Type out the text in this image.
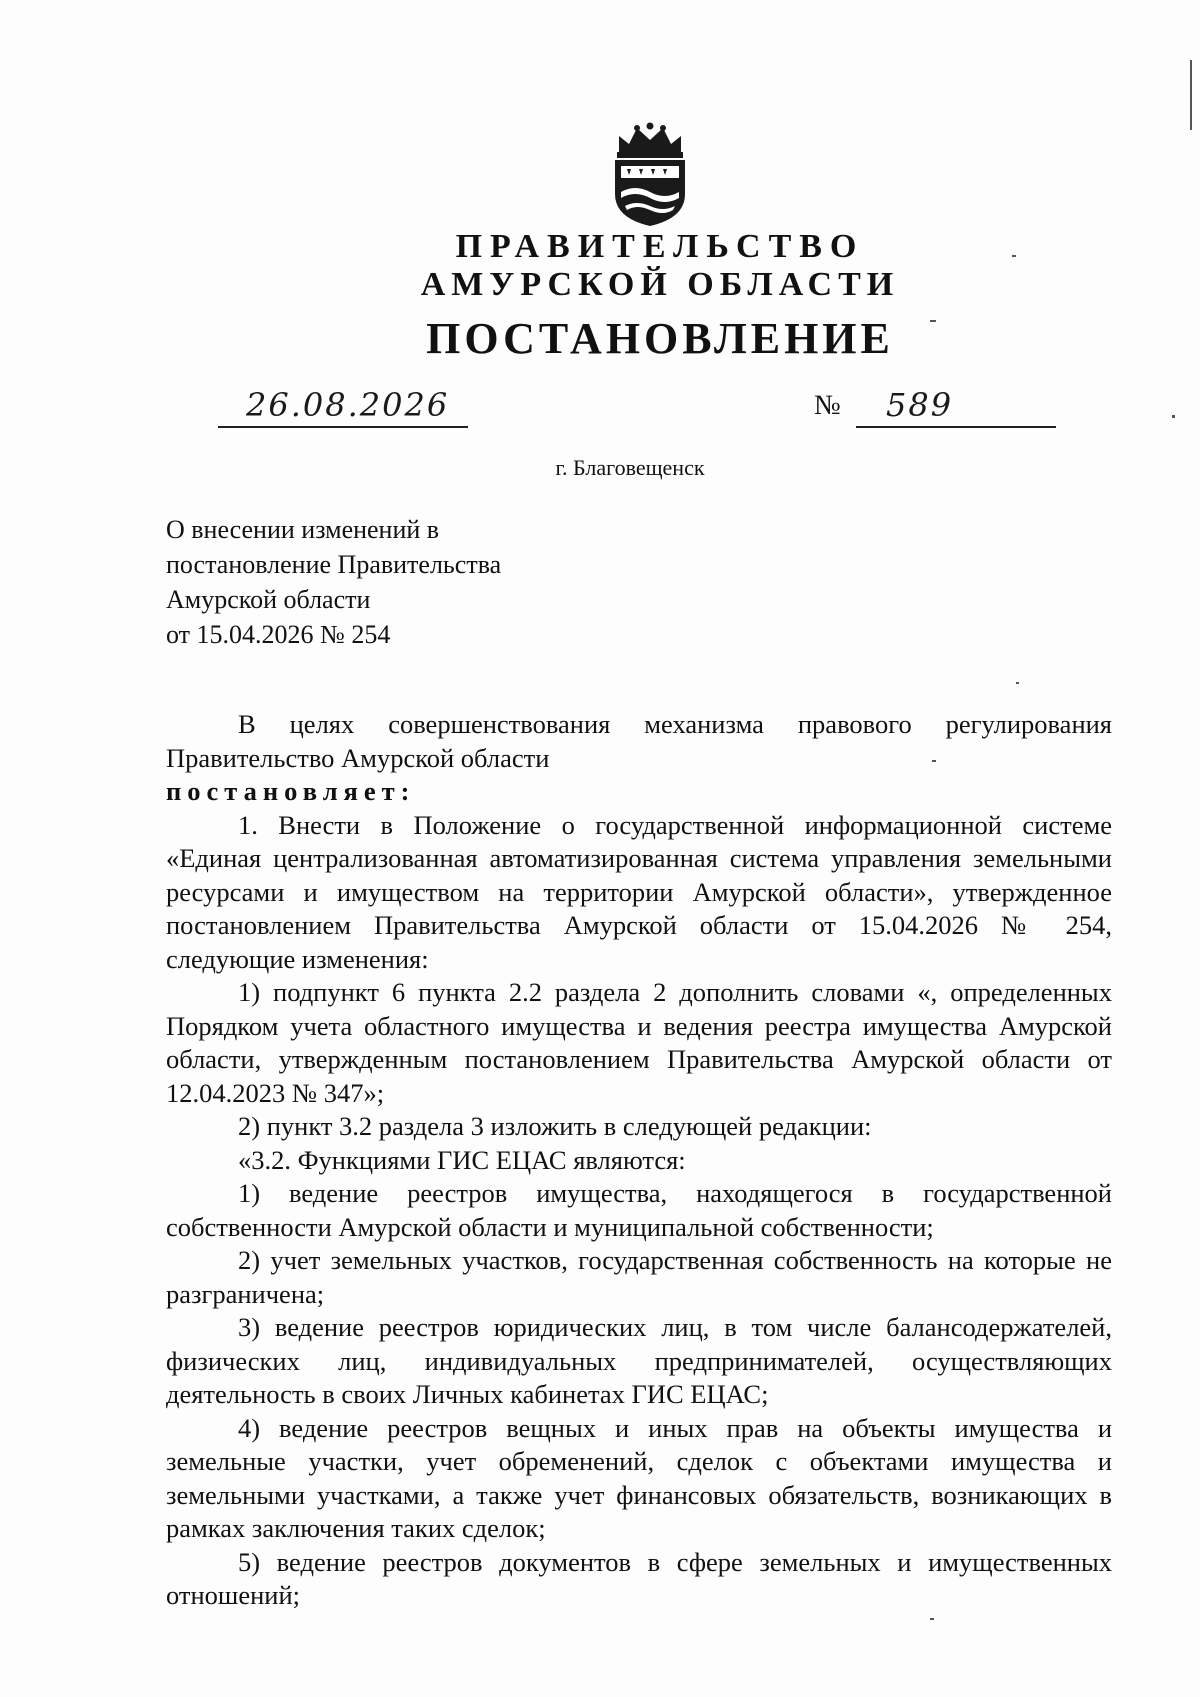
ПРАВИТЕЛЬСТВО
АМУРСКОЙ ОБЛАСТИ
ПОСТАНОВЛЕНИЕ
26.08.2026	№ 589
г. Благовещенск
О внесении изменений в
постановление Правительства
Амурской области
от 15.04.2026 № 254

В целях совершенствования механизма правового регулирования Правительство Амурской области

постановляет:

1. Внести в Положение о государственной информационной системе «Единая централизованная автоматизированная система управления земельными ресурсами и имуществом на территории Амурской области», утвержденное постановлением Правительства Амурской области от 15.04.2026 № 254, следующие изменения:

1) подпункт 6 пункта 2.2 раздела 2 дополнить словами «, определенных Порядком учета областного имущества и ведения реестра имущества Амурской области, утвержденным постановлением Правительства Амурской области от 12.04.2023 № 347»;

2) пункт 3.2 раздела 3 изложить в следующей редакции:

«3.2. Функциями ГИС ЕЦАС являются:

1) ведение реестров имущества, находящегося в государственной собственности Амурской области и муниципальной собственности;

2) учет земельных участков, государственная собственность на которые не разграничена;

3) ведение реестров юридических лиц, в том числе балансодержателей, физических лиц, индивидуальных предпринимателей, осуществляющих деятельность в своих Личных кабинетах ГИС ЕЦАС;

4) ведение реестров вещных и иных прав на объекты имущества и земельные участки, учет обременений, сделок с объектами имущества и земельными участками, а также учет финансовых обязательств, возникающих в рамках заключения таких сделок;

5) ведение реестров документов в сфере земельных и имущественных отношений;
